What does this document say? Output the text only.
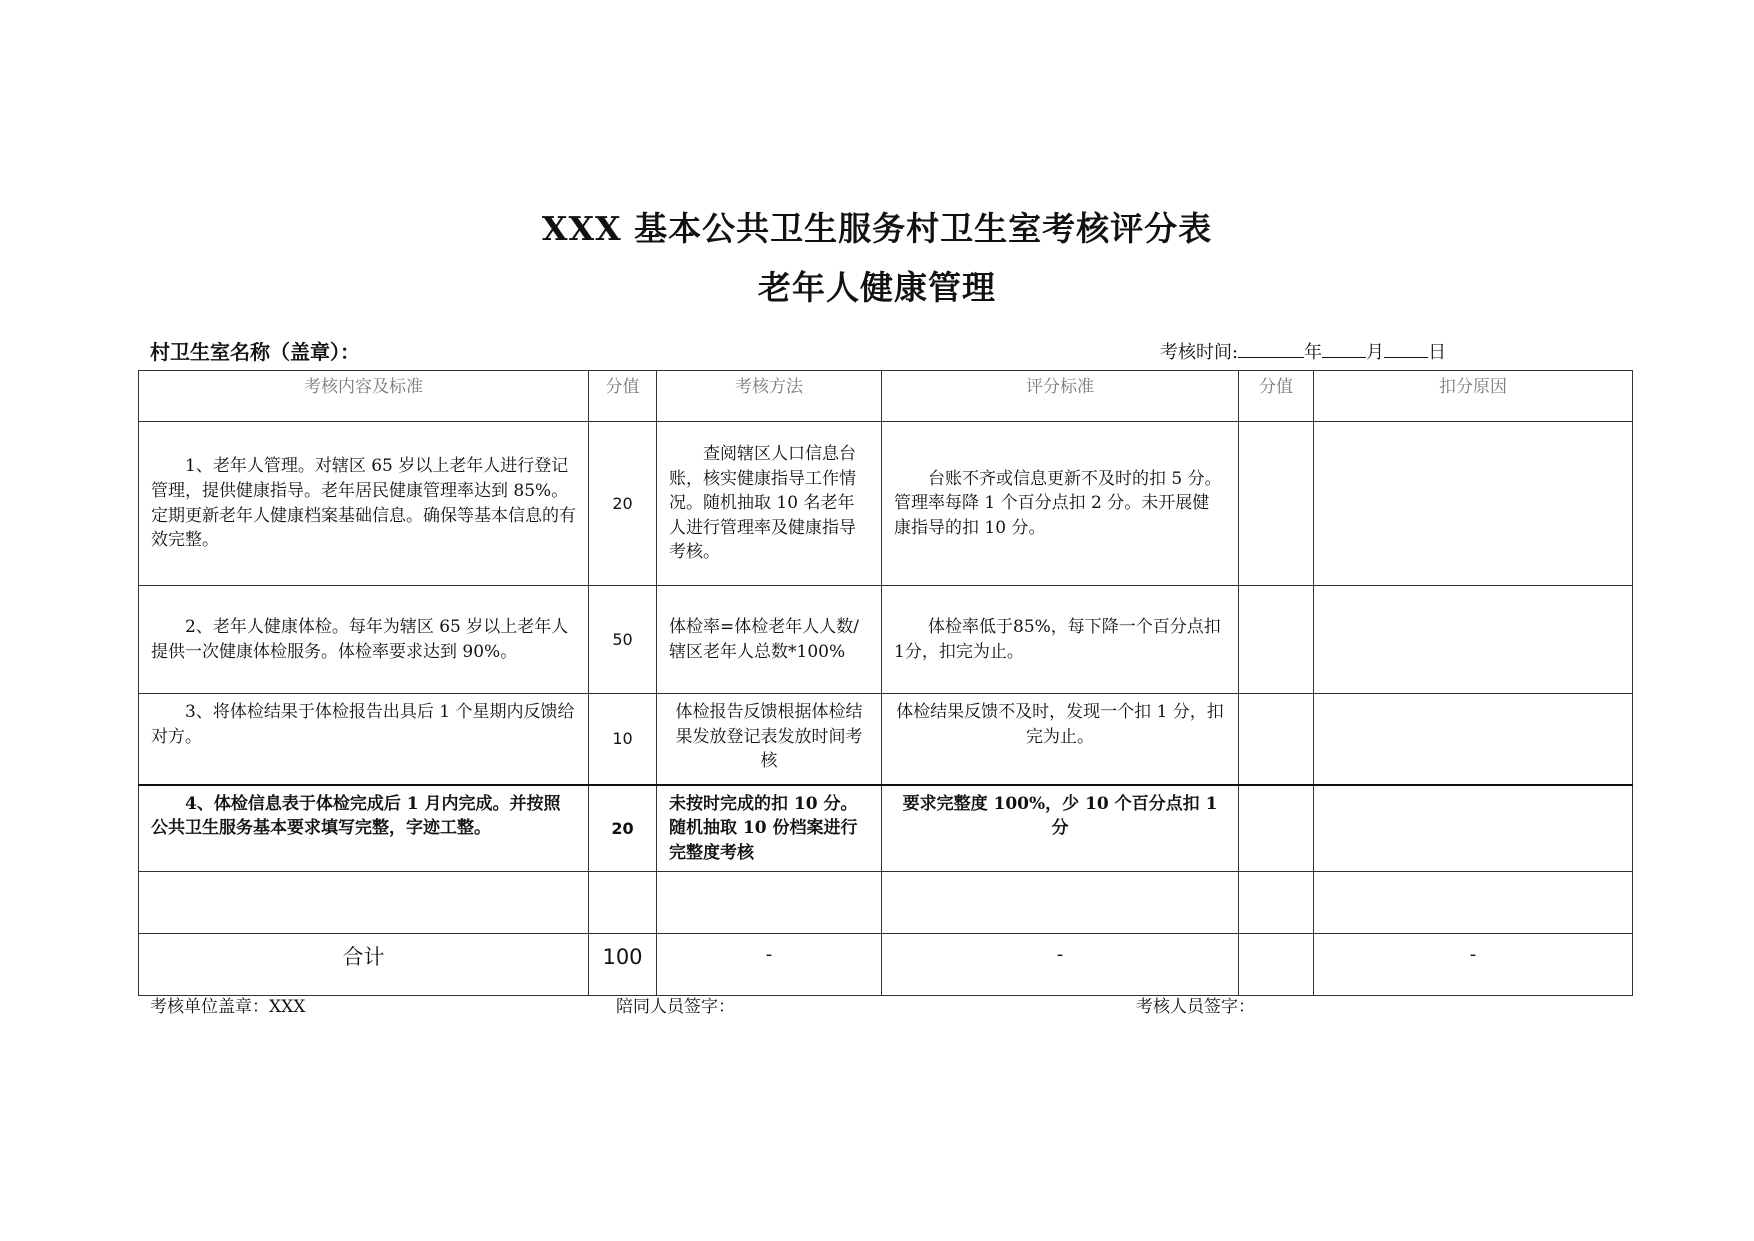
XXX 基本公共卫生服务村卫生室考核评分表
老年人健康管理
村卫生室名称（盖章）：	考核时间:	年 月 日
考核内容及标准	分值	考核方法	评分标准	分值	扣分原因
1、老年人管理。对辖区 65 岁以上老年人进行登记管理，提供健康指导。老年居民健康管理率达到 85%。定期更新老年人健康档案基础信息。确保等基本信息的有效完整。	20	查阅辖区人口信息台账，核实健康指导工作情况。随机抽取 10 名老年人进行管理率及健康指导考核。	台账不齐或信息更新不及时的扣 5 分。管理率每降 1 个百分点扣 2 分。未开展健康指导的扣 10 分。		
2、老年人健康体检。每年为辖区 65 岁以上老年人提供一次健康体检服务。体检率要求达到 90%。	50	体检率=体检老年人人数/辖区老年人总数*100%	体检率低于85%，每下降一个百分点扣1分，扣完为止。		
3、将体检结果于体检报告出具后 1 个星期内反馈给对方。	10	体检报告反馈根据体检结果发放登记表发放时间考核	体检结果反馈不及时，发现一个扣 1 分，扣完为止。		
4、体检信息表于体检完成后 1 月内完成。并按照公共卫生服务基本要求填写完整，字迹工整。	20	未按时完成的扣 10 分。随机抽取 10 份档案进行完整度考核	要求完整度 100%，少 10 个百分点扣 1 分		

合计	100	-	-		-
考核单位盖章：XXX	陪同人员签字：	考核人员签字：
